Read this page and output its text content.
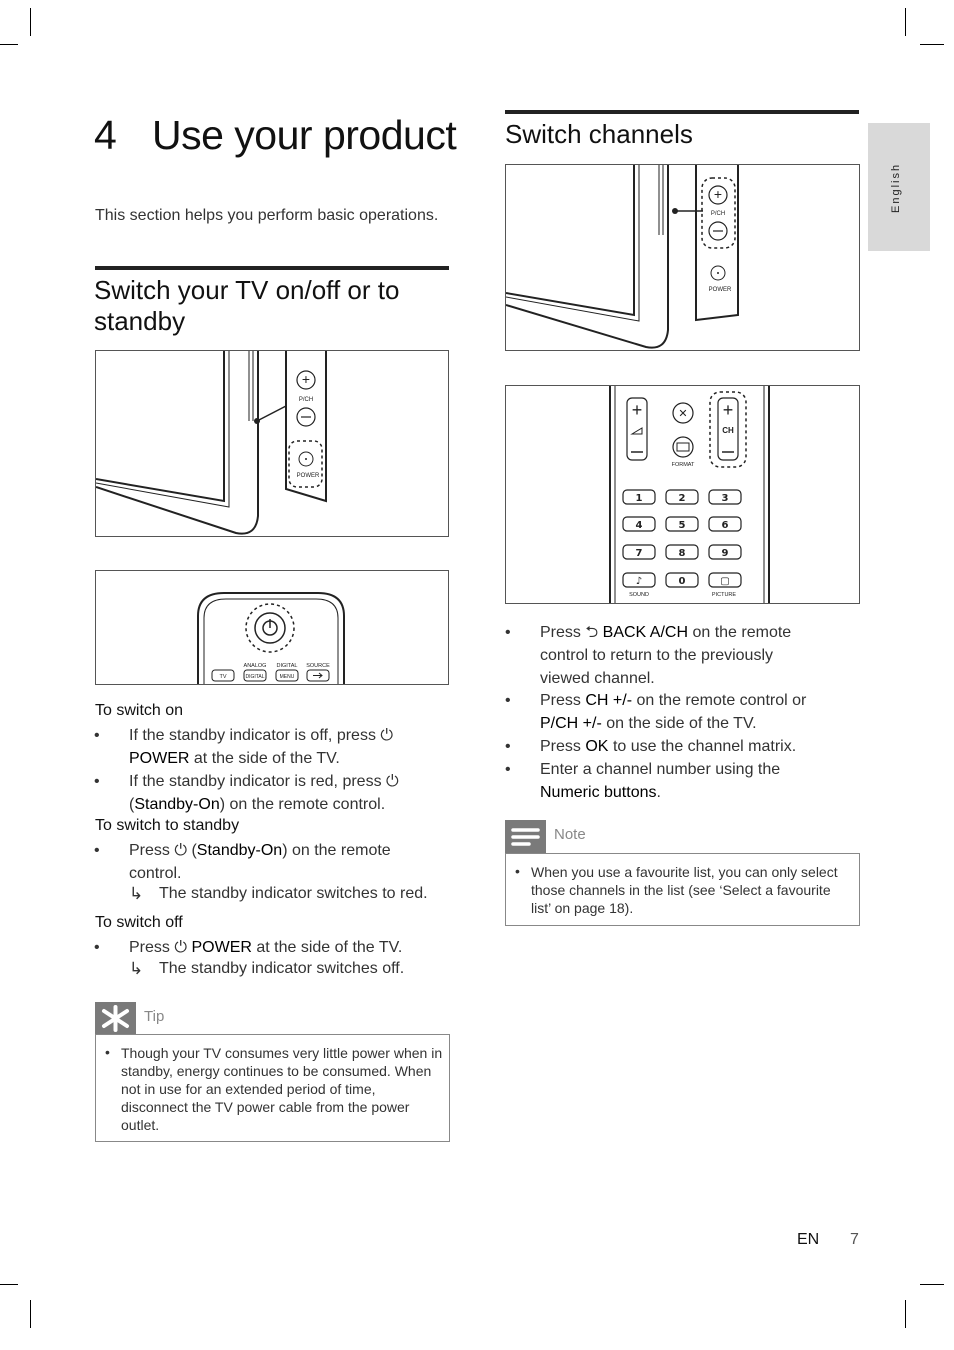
4 Use your product
This section helps you perform basic operations.
Switch your TV on/off or to standby
+
P/CH
POWER
ANALOG DIGITAL SOURCE
TV	DIGITAL	MENU
To switch on
• If the standby indicator is off, press ⏻
POWER at the side of the TV.
• If the standby indicator is red, press ⏻
(Standby-On) on the remote control.
To switch to standby
• Press ⏻ (Standby-On) on the remote
control.
↳ The standby indicator switches to red.
To switch off
• Press ⏻ POWER at the side of the TV.
↳ The standby indicator switches off.
Tip
• Though your TV consumes very little power when in standby, energy continues to be consumed. When not in use for an extended period of time, disconnect the TV power cable from the power outlet.
Switch channels
+
P/CH
POWER
+	✕
FORMAT
+
CH
1	2	3
4	5	6
7	8	9
♪	0	▢
SOUND	PICTURE
• Press ⮌ BACK A/CH on the remote
control to return to the previously
viewed channel.
• Press CH +/- on the remote control or
P/CH +/- on the side of the TV.
• Press OK to use the channel matrix.
• Enter a channel number using the
Numeric buttons.
Note
• When you use a favourite list, you can only select those channels in the list (see ‘Select a favourite list’ on page 18).
English
EN 7
